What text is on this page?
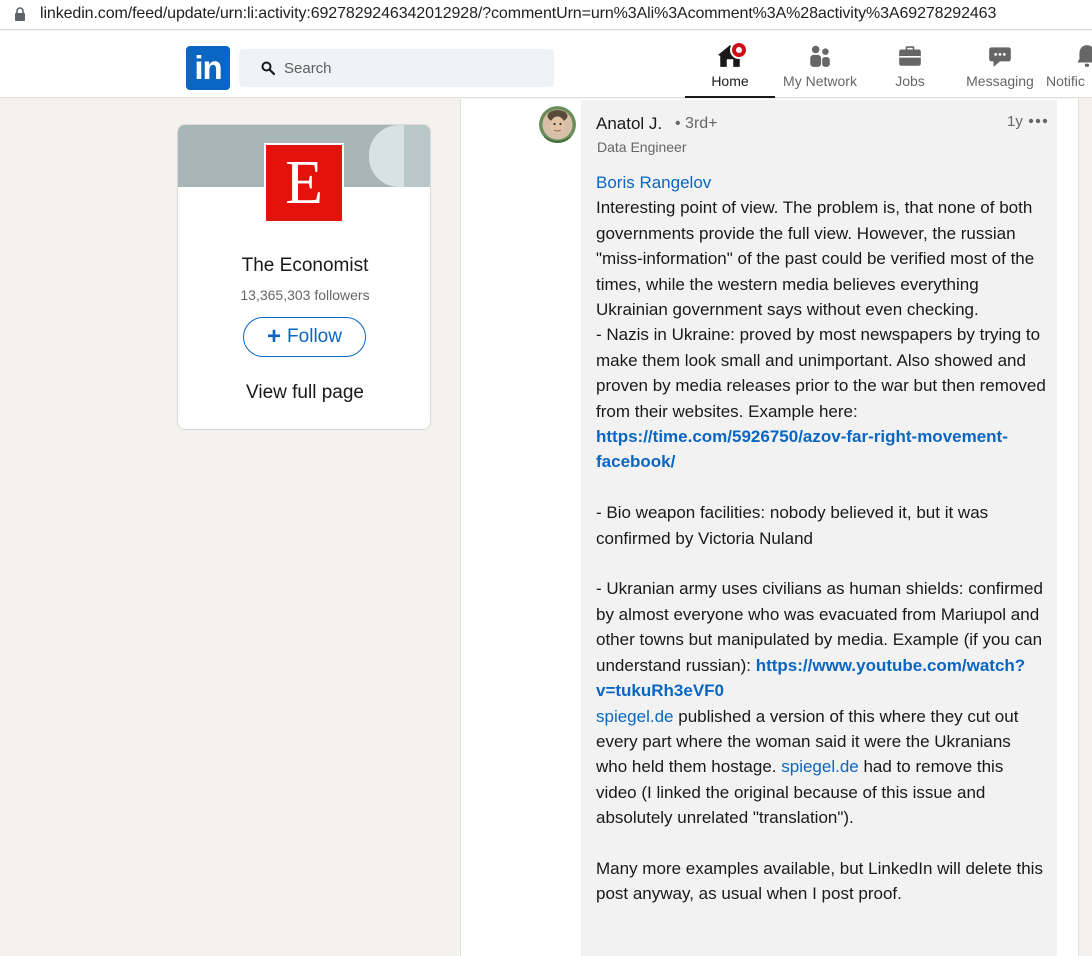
linkedin.com/feed/update/urn:li:activity:6927829246342012928/?commentUrn=urn%3Ali%3Acomment%3A%28activity%3A69278292463
in
Search	Home	My Network	Jobs	Messaging Notific
E
The Economist
13,365,303 followers
+ Follow
View full page
Anatol J. • 3rd+
Data Engineer
1y
Boris Rangelov
Interesting point of view. The problem is, that none of both governments provide the full view. However, the russian "miss-information" of the past could be verified most of the times, while the western media believes everything Ukrainian government says without even checking.
- Nazis in Ukraine: proved by most newspapers by trying to make them look small and unimportant. Also showed and proven by media releases prior to the war but then removed from their websites. Example here: https://time.com/5926750/azov-far-right-movement-facebook/
- Bio weapon facilities: nobody believed it, but it was confirmed by Victoria Nuland
- Ukranian army uses civilians as human shields: confirmed by almost everyone who was evacuated from Mariupol and other towns but manipulated by media. Example (if you can understand russian): https://www.youtube.com/watch?v=tukuRh3eVF0
spiegel.de published a version of this where they cut out every part where the woman said it were the Ukranians who held them hostage. spiegel.de had to remove this video (I linked the original because of this issue and absolutely unrelated "translation").
Many more examples available, but LinkedIn will delete this post anyway, as usual when I post proof.
